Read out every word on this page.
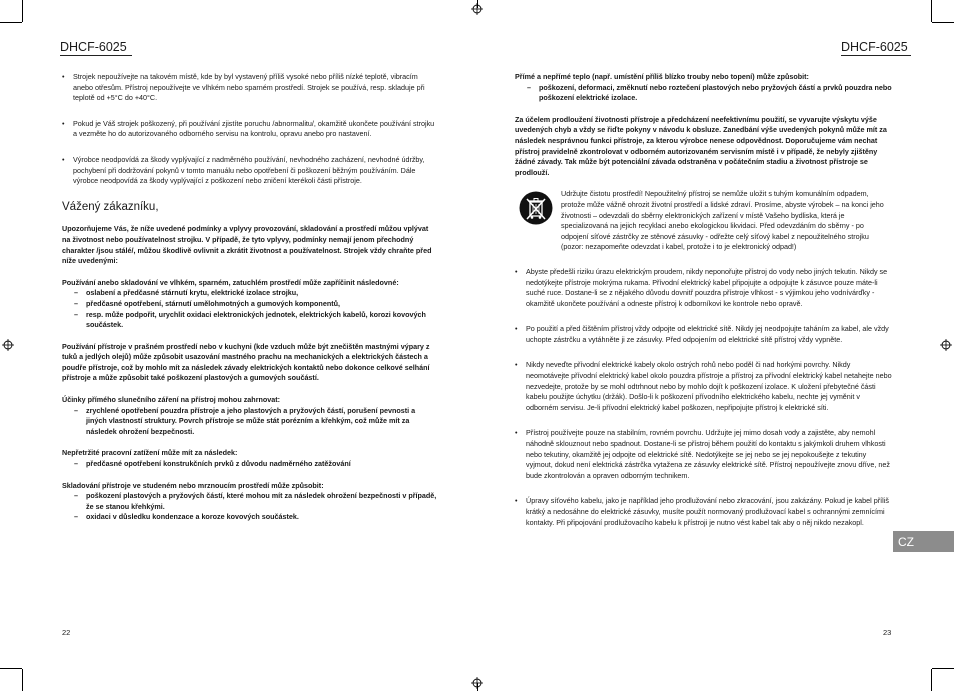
DHCF-6025
• Strojek nepoužívejte na takovém místě, kde by byl vystavený příliš vysoké nebo příliš nízké teplotě, vibracím anebo otřesům. Přístroj nepoužívejte ve vlhkém nebo sparném prostředí. Strojek se používá, resp. skladuje při teplotě od +5°C do +40°C.
• Pokud je Váš strojek poškozený, při používání zjistíte poruchu /abnormalitu/, okamžitě ukončete používání strojku a vezměte ho do autorizovaného odborného servisu na kontrolu, opravu anebo pro nastavení.
• Výrobce neodpovídá za škody vyplývající z nadměrného používání, nevhodného zacházení, nevhodné údržby, pochybení při dodržování pokynů v tomto manuálu nebo opotřebení či poškození běžným používáním. Dále výrobce neodpovídá za škody vyplývající z poškození nebo zničení kterékoli části přístroje.
Vážený zákazníku,

Upozorňujeme Vás, že níže uvedené podmínky a vplyvy provozování, skladování a prostředí můžou vplývat na životnost nebo používatelnost strojku. V případě, že tyto vplyvy, podmínky nemají jenom přechodný charakter /jsou stálé/, můžou škodlivě ovlivnit a zkrátit životnost a používatelnost. Strojek vždy chraňte před níže uvedenými:

Používání anebo skladování ve vlhkém, sparném, zatuchlém prostředí může zapříčinit následovné:

– oslabení a předčasné stárnutí krytu, elektrické izolace strojku,
– předčasné opotřebení, stárnutí umělohmotných a gumových komponentů,
– resp. může podpořit, urychlit oxidaci elektronických jednotek, elektrických kabelů, korozi kovových součástek.

Používání přístroje v prašném prostředí nebo v kuchyni (kde vzduch může být znečištěn mastnými výpary z tuků a jedlých olejů) může způsobit usazování mastného prachu na mechanických a elektrických částech a poudře přístroje, což by mohlo mít za následek závady elektrických kontaktů nebo dokonce celkové selhání přístroje a může způsobit také poškození plastových a gumových součástí.

Účinky přímého slunečního záření na přístroj mohou zahrnovat:

– zrychlené opotřebení pouzdra přístroje a jeho plastových a pryžových částí, porušení pevnosti a jiných vlastností struktury. Povrch přístroje se může stát porézním a křehkým, což může mít za následek ohrožení bezpečnosti.

Nepřetržité pracovní zatížení může mít za následek:

– předčasné opotřebení konstrukčních prvků z důvodu nadměrného zatěžování

Skladování přístroje ve studeném nebo mrznoucím prostředí může způsobit:

– poškození plastových a pryžových částí, které mohou mít za následek ohrožení bezpečnosti v případě, že se stanou křehkými.
– oxidaci v důsledku kondenzace a koroze kovových součástek.
22
DHCF-6025

Přímé a nepřímé teplo (např. umístění příliš blízko trouby nebo topení) může způsobit:

– poškození, deformaci, změknutí nebo roztečení plastových nebo pryžových částí a prvků pouzdra nebo poškození elektrické izolace.

Za účelem prodloužení životnosti přístroje a předcházení neefektivnímu použití, se vyvarujte výskytu výše uvedených chyb a vždy se řiďte pokyny v návodu k obsluze. Zanedbání výše uvedených pokynů může mít za následek nesprávnou funkci přístroje, za kterou výrobce nenese odpovědnost. Doporučujeme vám nechat přístroj pravidelně zkontrolovat v odborném autorizovaném servisním místě i v případě, že nebyly zjištěny žádné závady. Tak může být potenciální závada odstraněna v počátečním stadiu a životnost přístroje se prodlouží.

Udržujte čistotu prostředí! Nepoužitelný přístroj se nemůže uložit s tuhým komunálním odpadem, protože může vážně ohrozit životní prostředí a lidské zdraví. Prosíme, abyste výrobek – na konci jeho životnosti – odevzdali do sběrny elektronických zařízení v místě Vašeho bydliska, která je specializovaná na jejich recyklaci anebo ekologickou likvidaci. Před odevzdáním do sběrny - po odpojení síťové zástrčky ze stěnové zásuvky - odřežte celý síťový kabel z nepoužitelného strojku (pozor: nezapomeňte odevzdat i kabel, protože i to je elektronický odpad!)
• Abyste předešli riziku úrazu elektrickým proudem, nikdy neponořujte přístroj do vody nebo jiných tekutin. Nikdy se nedotýkejte přístroje mokrýma rukama. Přívodní elektrický kabel připojujte a odpojujte k zásuvce pouze máte-li suché ruce. Dostane-li se z nějakého důvodu dovnitř pouzdra přístroje vlhkost - s výjimkou jeho vodnívárďky - okamžitě ukončete používání a odneste přístroj k odborníkovi ke kontrole nebo opravě.
• Po použití a před čištěním přístroj vždy odpojte od elektrické sítě. Nikdy jej neodpojujte taháním za kabel, ale vždy uchopte zástrčku a vytáhněte ji ze zásuvky. Před odpojením od elektrické sítě přístroj vždy vypněte.
• Nikdy neveďte přívodní elektrické kabely okolo ostrých rohů nebo poděl či nad horkými povrchy. Nikdy neomotávejte přívodní elektrický kabel okolo pouzdra přístroje a přístroj za přívodní elektrický kabel netahejte nebo nezvedejte, protože by se mohl odtrhnout nebo by mohlo dojít k poškození izolace. K uložení přebytečné části kabelu použijte úchytku (držák). Došlo-li k poškození přívodního elektrického kabelu, nechte jej vyměnit v odborném servisu. Je-li přívodní elektrický kabel poškozen, nepřipojujte přístroj k elektrické síti.
• Přístroj používejte pouze na stabilním, rovném povrchu. Udržujte jej mimo dosah vody a zajistěte, aby nemohl náhodně sklouznout nebo spadnout. Dostane-li se přístroj během použití do kontaktu s jakýmkoli druhem vlhkosti nebo tekutiny, okamžitě jej odpojte od elektrické sítě. Nedotýkejte se jej nebo se jej nepokoušejte z tekutiny vyjmout, dokud není elektrická zástrčka vytažena ze zásuvky elektrické sítě. Přístroj nepoužívejte znovu dříve, než bude zkontrolován a opraven odborným technikem.
• Úpravy síťového kabelu, jako je například jeho prodlužování nebo zkracování, jsou zakázány. Pokud je kabel příliš krátký a nedosáhne do elektrické zásuvky, musíte použít normovaný prodlužovací kabel s ochrannými zemnícími kontakty. Při připojování prodlužovacího kabelu k přístroji je nutno vést kabel tak aby o něj nikdo nezakopl.
CZ
23
